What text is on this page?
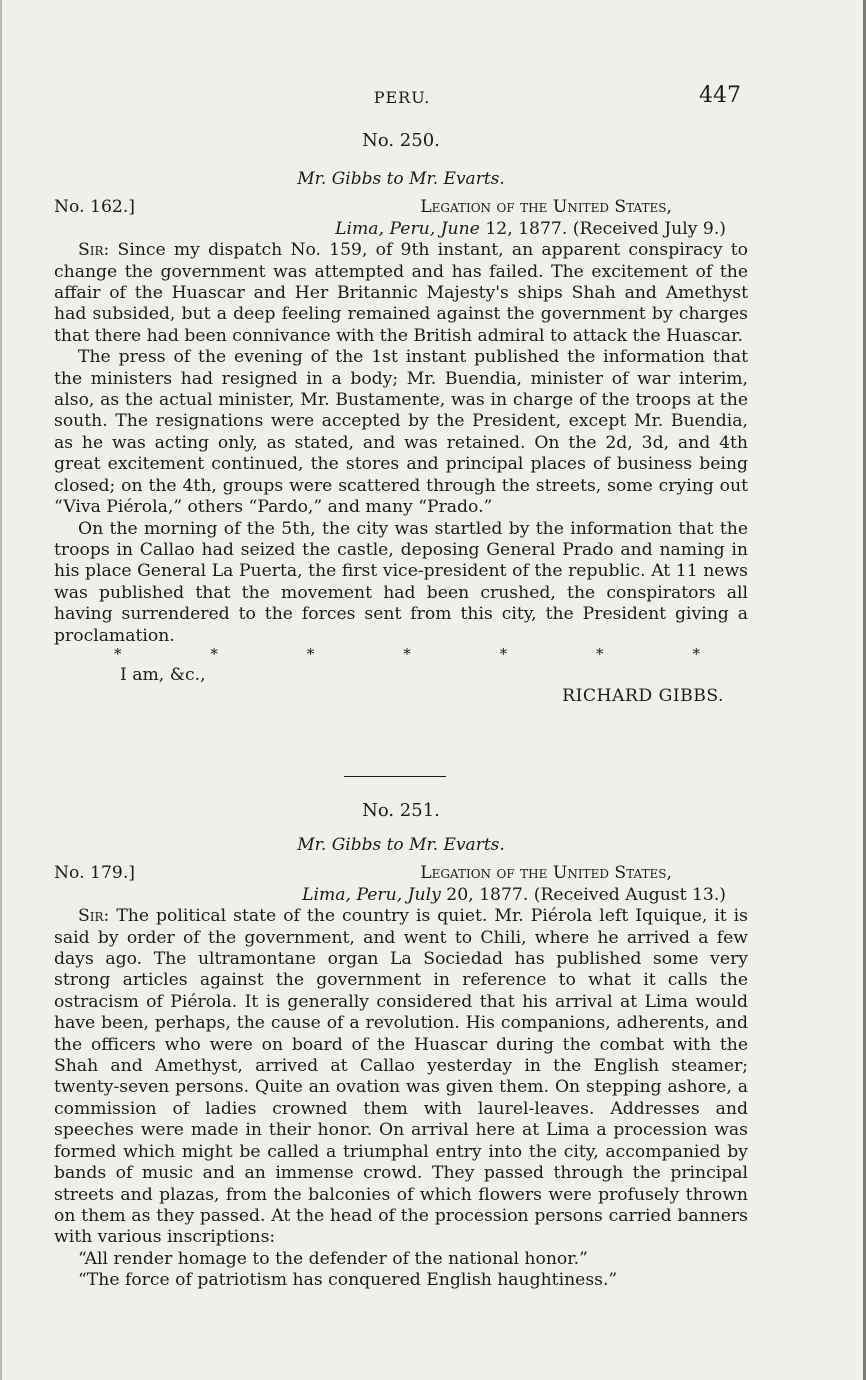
PERU.	447
No. 250.
Mr. Gibbs to Mr. Evarts.
No. 162.]	Legation of the United States,
Lima, Peru, June 12, 1877. (Received July 9.)

Sir: Since my dispatch No. 159, of 9th instant, an apparent conspiracy to change the government was attempted and has failed. The excitement of the affair of the Huascar and Her Britannic Majesty's ships Shah and Amethyst had subsided, but a deep feeling remained against the government by charges that there had been connivance with the British admiral to attack the Huascar.

The press of the evening of the 1st instant published the information that the ministers had resigned in a body; Mr. Buendia, minister of war interim, also, as the actual minister, Mr. Bustamente, was in charge of the troops at the south. The resignations were accepted by the President, except Mr. Buendia, as he was acting only, as stated, and was retained. On the 2d, 3d, and 4th great excitement continued, the stores and principal places of business being closed; on the 4th, groups were scattered through the streets, some crying out “Viva Piérola,” others “Pardo,” and many “Prado.”

On the morning of the 5th, the city was startled by the information that the troops in Callao had seized the castle, deposing General Prado and naming in his place General La Puerta, the first vice-president of the republic. At 11 news was published that the movement had been crushed, the conspirators all having surrendered to the forces sent from this city, the President giving a proclamation.

*	*	*	*	*	*	*
I am, &c.,
RICHARD GIBBS.
No. 251.
Mr. Gibbs to Mr. Evarts.
No. 179.]	Legation of the United States,
Lima, Peru, July 20, 1877. (Received August 13.)

Sir: The political state of the country is quiet. Mr. Piérola left Iquique, it is said by order of the government, and went to Chili, where he arrived a few days ago. The ultramontane organ La Sociedad has published some very strong articles against the government in reference to what it calls the ostracism of Piérola. It is generally considered that his arrival at Lima would have been, perhaps, the cause of a revolution. His companions, adherents, and the officers who were on board of the Huascar during the combat with the Shah and Amethyst, arrived at Callao yesterday in the English steamer; twenty-seven persons. Quite an ovation was given them. On stepping ashore, a commission of ladies crowned them with laurel-leaves. Addresses and speeches were made in their honor. On arrival here at Lima a procession was formed which might be called a triumphal entry into the city, accompanied by bands of music and an immense crowd. They passed through the principal streets and plazas, from the balconies of which flowers were profusely thrown on them as they passed. At the head of the procession persons carried banners with various inscriptions:

“All render homage to the defender of the national honor.”

“The force of patriotism has conquered English haughtiness.”
